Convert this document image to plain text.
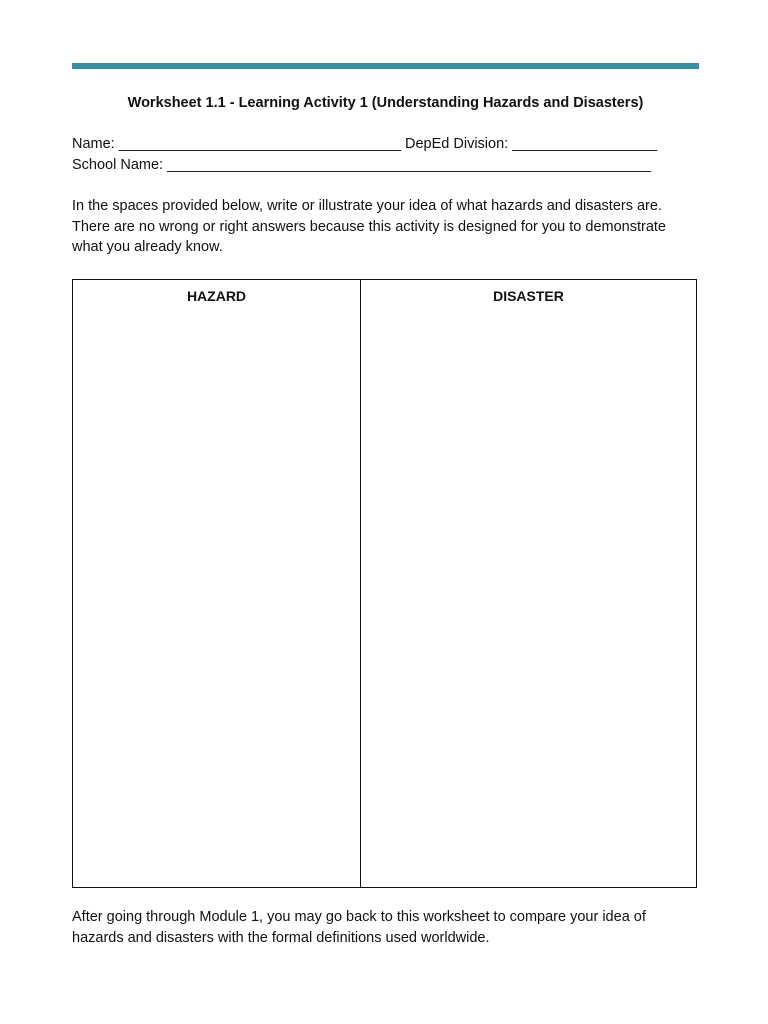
Worksheet 1.1 - Learning Activity 1 (Understanding Hazards and Disasters)
Name: ___________________________________ DepEd Division: __________________
School Name: ____________________________________________________________
In the spaces provided below, write or illustrate your idea of what hazards and disasters are.
There are no wrong or right answers because this activity is designed for you to demonstrate
what you already know.
HAZARD	DISASTER
After going through Module 1, you may go back to this worksheet to compare your idea of
hazards and disasters with the formal definitions used worldwide.
